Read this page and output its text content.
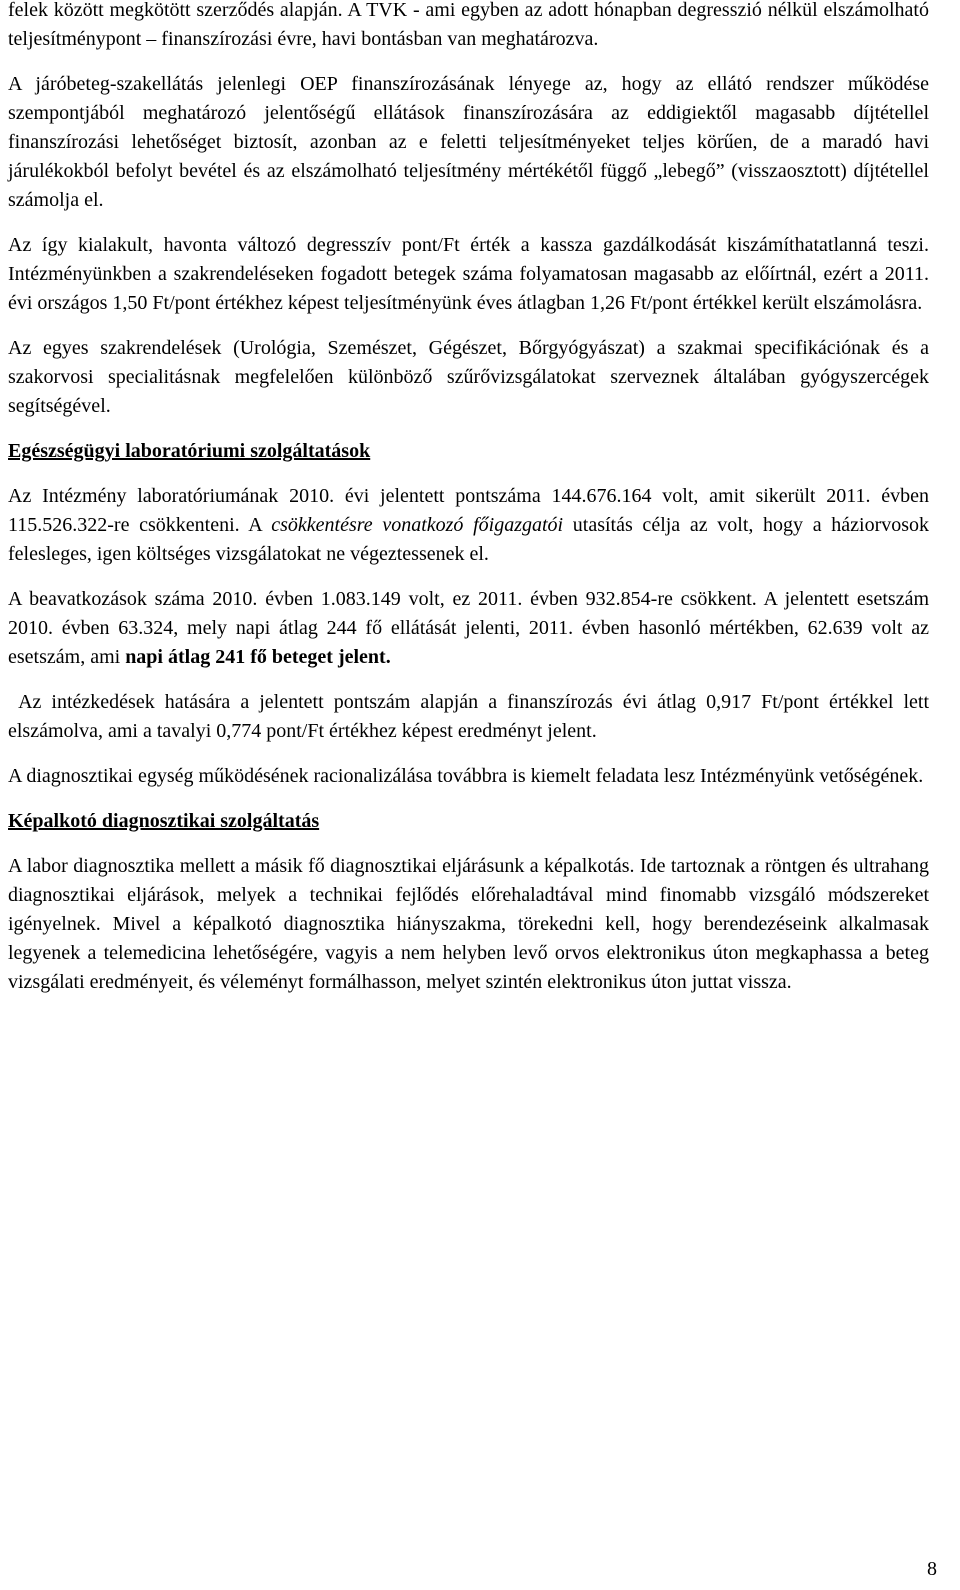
felek között megkötött szerződés alapján. A TVK - ami egyben az adott hónapban degresszió nélkül elszámolható teljesítménypont – finanszírozási évre, havi bontásban van meghatározva.

A járóbeteg-szakellátás jelenlegi OEP finanszírozásának lényege az, hogy az ellátó rendszer működése szempontjából meghatározó jelentőségű ellátások finanszírozására az eddigiektől magasabb díjtétellel finanszírozási lehetőséget biztosít, azonban az e feletti teljesítményeket teljes körűen, de a maradó havi járulékokból befolyt bevétel és az elszámolható teljesítmény mértékétől függő „lebegő” (visszaosztott) díjtétellel számolja el.

Az így kialakult, havonta változó degresszív pont/Ft érték a kassza gazdálkodását kiszámíthatatlanná teszi. Intézményünkben a szakrendeléseken fogadott betegek száma folyamatosan magasabb az előírtnál, ezért a 2011. évi országos 1,50 Ft/pont értékhez képest teljesítményünk éves átlagban 1,26 Ft/pont értékkel került elszámolásra.

Az egyes szakrendelések (Urológia, Szemészet, Gégészet, Bőrgyógyászat) a szakmai specifikációnak és a szakorvosi specialitásnak megfelelően különböző szűrővizsgálatokat szerveznek általában gyógyszercégek segítségével.

Egészségügyi laboratóriumi szolgáltatások

Az Intézmény laboratóriumának 2010. évi jelentett pontszáma 144.676.164 volt, amit sikerült 2011. évben 115.526.322-re csökkenteni. A csökkentésre vonatkozó főigazgatói utasítás célja az volt, hogy a háziorvosok felesleges, igen költséges vizsgálatokat ne végeztessenek el.

A beavatkozások száma 2010. évben 1.083.149 volt, ez 2011. évben 932.854-re csökkent. A jelentett esetszám 2010. évben 63.324, mely napi átlag 244 fő ellátását jelenti, 2011. évben hasonló mértékben, 62.639 volt az esetszám, ami napi átlag 241 fő beteget jelent.

Az intézkedések hatására a jelentett pontszám alapján a finanszírozás évi átlag 0,917 Ft/pont értékkel lett elszámolva, ami a tavalyi 0,774 pont/Ft értékhez képest eredményt jelent.

A diagnosztikai egység működésének racionalizálása továbbra is kiemelt feladata lesz Intézményünk vetőségének.

Képalkotó diagnosztikai szolgáltatás

A labor diagnosztika mellett a másik fő diagnosztikai eljárásunk a képalkotás. Ide tartoznak a röntgen és ultrahang diagnosztikai eljárások, melyek a technikai fejlődés előrehaladtával mind finomabb vizsgáló módszereket igényelnek. Mivel a képalkotó diagnosztika hiányszakma, törekedni kell, hogy berendezéseink alkalmasak legyenek a telemedicina lehetőségére, vagyis a nem helyben levő orvos elektronikus úton megkaphassa a beteg vizsgálati eredményeit, és véleményt formálhasson, melyet szintén elektronikus úton juttat vissza.

8
